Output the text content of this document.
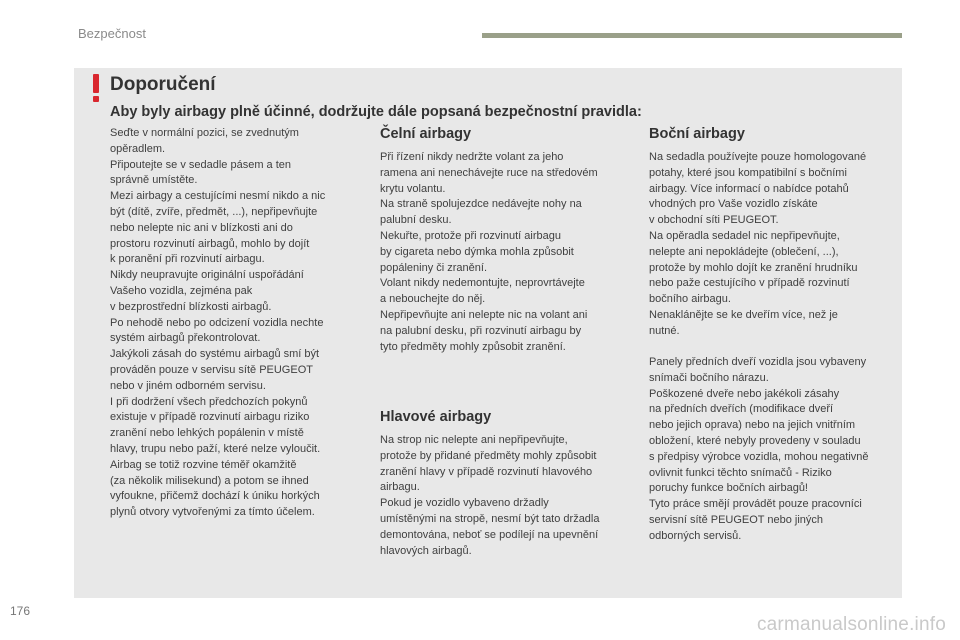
Bezpečnost
Doporučení
Aby byly airbagy plně účinné, dodržujte dále popsaná bezpečnostní pravidla:

Seďte v normální pozici, se zvednutým
opěradlem.
Připoutejte se v sedadle pásem a ten
správně umístěte.
Mezi airbagy a cestujícími nesmí nikdo a nic
být (dítě, zvíře, předmět, ...), nepřipevňujte
nebo nelepte nic ani v blízkosti ani do
prostoru rozvinutí airbagů, mohlo by dojít
k poranění při rozvinutí airbagu.
Nikdy neupravujte originální uspořádání
Vašeho vozidla, zejména pak
v bezprostřední blízkosti airbagů.
Po nehodě nebo po odcizení vozidla nechte
systém airbagů překontrolovat.
Jakýkoli zásah do systému airbagů smí být
prováděn pouze v servisu sítě PEUGEOT
nebo v jiném odborném servisu.
I při dodržení všech předchozích pokynů
existuje v případě rozvinutí airbagu riziko
zranění nebo lehkých popálenin v místě
hlavy, trupu nebo paží, které nelze vyloučit.
Airbag se totiž rozvine téměř okamžitě
(za několik milisekund) a potom se ihned
vyfoukne, přičemž dochází k úniku horkých
plynů otvory vytvořenými za tímto účelem.

Čelní airbagy

Při řízení nikdy nedržte volant za jeho
ramena ani nenechávejte ruce na středovém
krytu volantu.
Na straně spolujezdce nedávejte nohy na
palubní desku.
Nekuřte, protože při rozvinutí airbagu
by cigareta nebo dýmka mohla způsobit
popáleniny či zranění.
Volant nikdy nedemontujte, neprovrtávejte
a nebouchejte do něj.
Nepřipevňujte ani nelepte nic na volant ani
na palubní desku, při rozvinutí airbagu by
tyto předměty mohly způsobit zranění.

Hlavové airbagy

Na strop nic nelepte ani nepřipevňujte,
protože by přidané předměty mohly způsobit
zranění hlavy v případě rozvinutí hlavového
airbagu.
Pokud je vozidlo vybaveno držadly
umístěnými na stropě, nesmí být tato držadla
demontována, neboť se podílejí na upevnění
hlavových airbagů.

Boční airbagy

Na sedadla používejte pouze homologované
potahy, které jsou kompatibilní s bočními
airbagy. Více informací o nabídce potahů
vhodných pro Vaše vozidlo získáte
v obchodní síti PEUGEOT.
Na opěradla sedadel nic nepřipevňujte,
nelepte ani nepokládejte (oblečení, ...),
protože by mohlo dojít ke zranění hrudníku
nebo paže cestujícího v případě rozvinutí
bočního airbagu.
Nenaklánějte se ke dveřím více, než je
nutné.

Panely předních dveří vozidla jsou vybaveny
snímači bočního nárazu.
Poškozené dveře nebo jakékoli zásahy
na předních dveřích (modifikace dveří
nebo jejich oprava) nebo na jejich vnitřním
obložení, které nebyly provedeny v souladu
s předpisy výrobce vozidla, mohou negativně
ovlivnit funkci těchto snímačů - Riziko
poruchy funkce bočních airbagů!
Tyto práce smějí provádět pouze pracovníci
servisní sítě PEUGEOT nebo jiných
odborných servisů.

176
carmanualsonline.info
